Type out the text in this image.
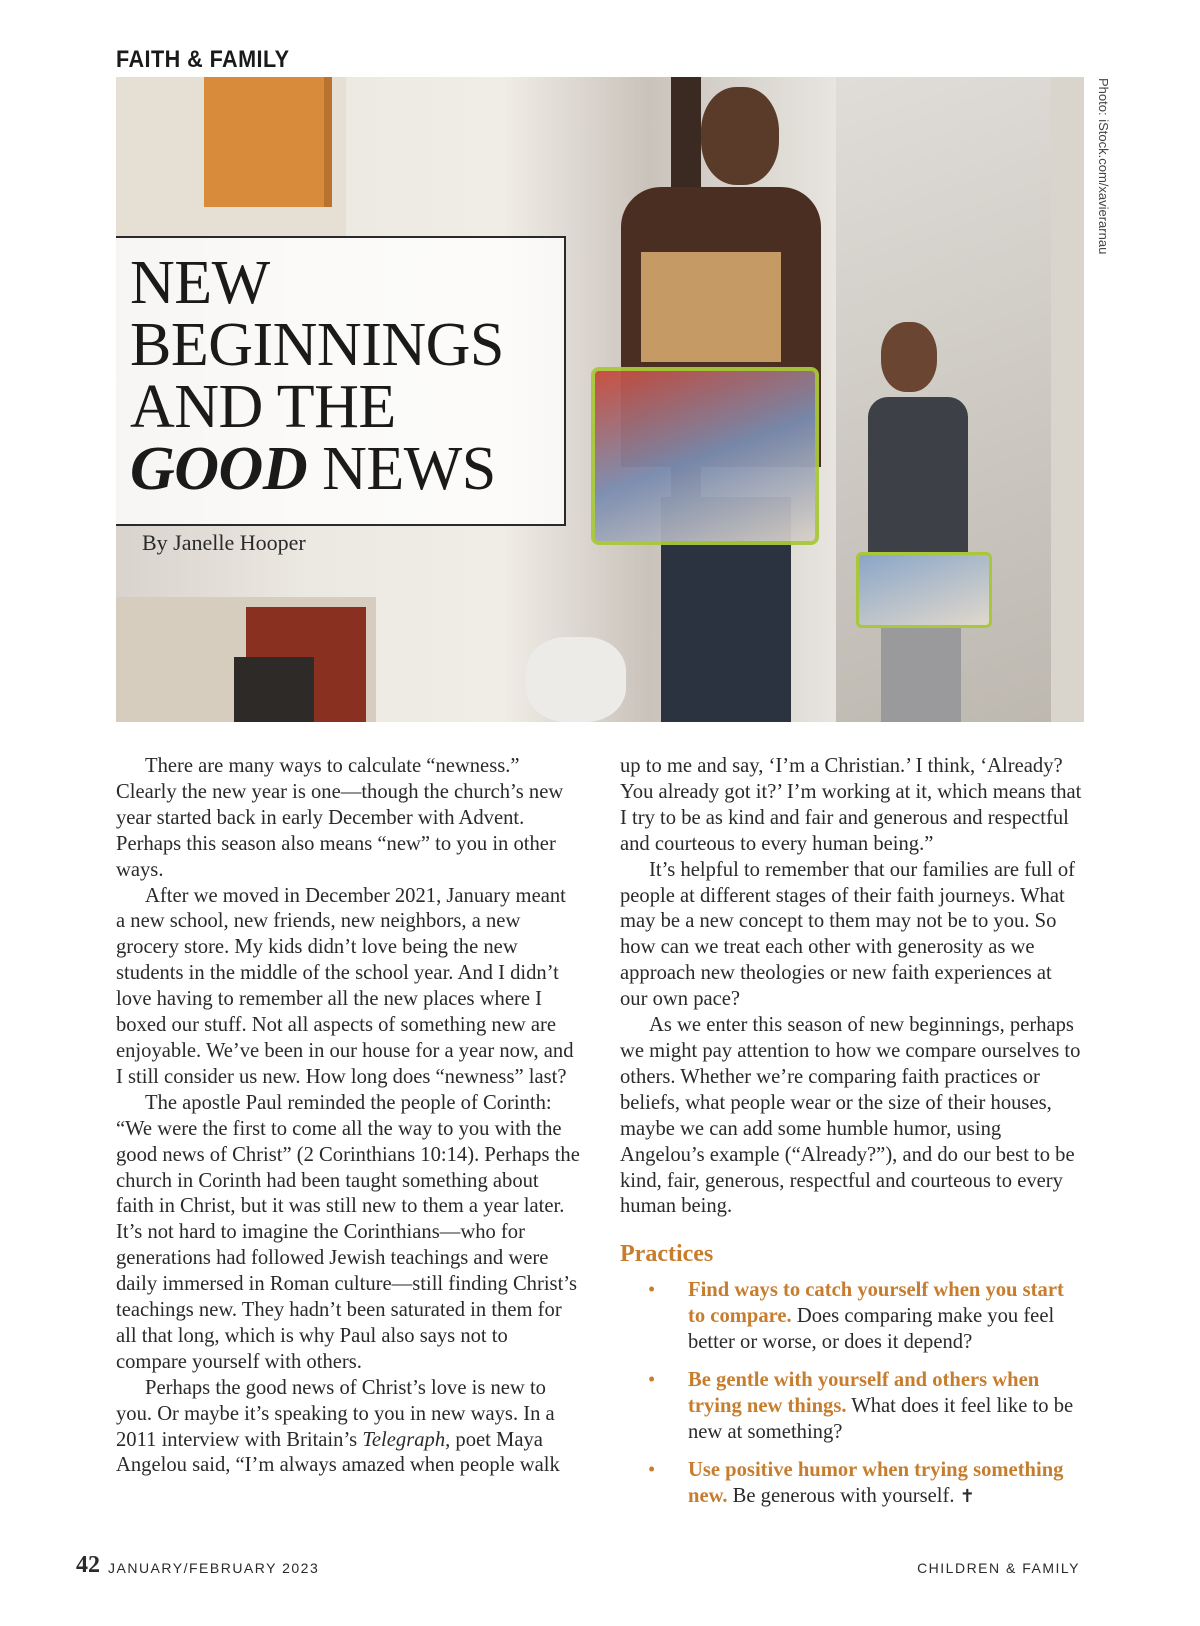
FAITH & FAMILY
Photo: iStock.com/xavierarnau
NEW
BEGINNINGS
AND THE
GOOD NEWS
By Janelle Hooper

There are many ways to calculate “newness.” Clearly the new year is one—though the church’s new year started back in early December with Advent. Perhaps this season also means “new” to you in other ways.

After we moved in December 2021, January meant a new school, new friends, new neighbors, a new grocery store. My kids didn’t love being the new students in the middle of the school year. And I didn’t love having to remember all the new places where I boxed our stuff. Not all aspects of something new are enjoyable. We’ve been in our house for a year now, and I still consider us new. How long does “newness” last?

The apostle Paul reminded the people of Corinth: “We were the first to come all the way to you with the good news of Christ” (2 Corinthians 10:14). Perhaps the church in Corinth had been taught something about faith in Christ, but it was still new to them a year later. It’s not hard to imagine the Corinthians—who for generations had followed Jewish teachings and were daily immersed in Roman culture—still finding Christ’s teachings new. They hadn’t been saturated in them for all that long, which is why Paul also says not to compare yourself with others.

Perhaps the good news of Christ’s love is new to you. Or maybe it’s speaking to you in new ways. In a 2011 interview with Britain’s Telegraph, poet Maya Angelou said, “I’m always amazed when people walk

up to me and say, ‘I’m a Christian.’ I think, ‘Already? You already got it?’ I’m working at it, which means that I try to be as kind and fair and generous and respectful and courteous to every human being.”

It’s helpful to remember that our families are full of people at different stages of their faith journeys. What may be a new concept to them may not be to you. So how can we treat each other with generosity as we approach new theologies or new faith experiences at our own pace?

As we enter this season of new beginnings, perhaps we might pay attention to how we compare ourselves to others. Whether we’re comparing faith practices or beliefs, what people wear or the size of their houses, maybe we can add some humble humor, using Angelou’s example (“Already?”), and do our best to be kind, fair, generous, respectful and courteous to every human being.

Practices
• Find ways to catch yourself when you start to compare. Does comparing make you feel better or worse, or does it depend?
• Be gentle with yourself and others when trying new things. What does it feel like to be new at something?
• Use positive humor when trying something new. Be generous with yourself. ✝
42 JANUARY/FEBRUARY 2023	CHILDREN & FAMILY
